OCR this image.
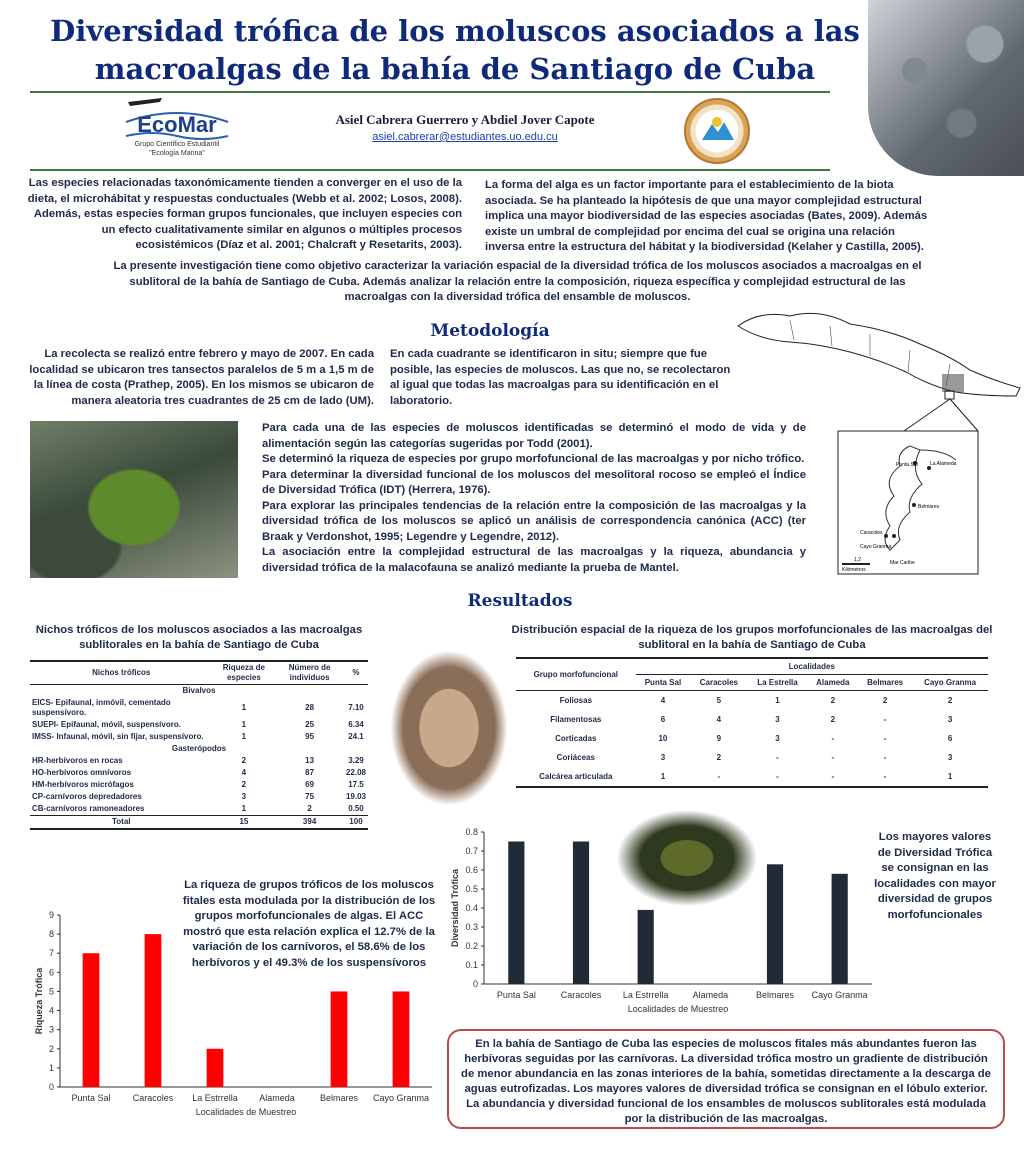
Diversidad trófica de los moluscos asociados a las
macroalgas de la bahía de Santiago de Cuba
EcoMar
Grupo Científico Estudiantil
"Ecología Marina"
Asiel Cabrera Guerrero y Abdiel Jover Capote
asiel.cabrerar@estudiantes.uo.edu.cu
Las especies relacionadas taxonómicamente tienden a converger en el uso de la dieta, el microhábitat y respuestas conductuales (Webb et al. 2002; Losos, 2008). Además, estas especies forman grupos funcionales, que incluyen especies con un efecto cualitativamente similar en algunos o múltiples procesos ecosistémicos (Díaz et al. 2001; Chalcraft y Resetarits, 2003).
La forma del alga es un factor importante para el establecimiento de la biota asociada. Se ha planteado la hipótesis de que una mayor complejidad estructural implica una mayor biodiversidad de las especies asociadas (Bates, 2009). Además existe un umbral de complejidad por encima del cual se origina una relación inversa entre la estructura del hábitat y la biodiversidad (Kelaher y Castilla, 2005).
La presente investigación tiene como objetivo caracterizar la variación espacial de la diversidad trófica de los moluscos asociados a macroalgas en el sublitoral de la bahía de Santiago de Cuba. Además analizar la relación entre la composición, riqueza específica y complejidad estructural de las macroalgas con la diversidad trófica del ensamble de moluscos.
Metodología
La recolecta se realizó entre febrero y mayo de 2007. En cada localidad se ubicaron tres tansectos paralelos de 5 m a 1,5 m de la línea de costa (Prathep, 2005). En los mismos se ubicaron de manera aleatoria tres cuadrantes de 25 cm de lado (UM).
En cada cuadrante se identificaron in situ; siempre que fue posible, las especies de moluscos. Las que no, se recolectaron al igual que todas las macroalgas para su identificación en el laboratorio.
Punta Sal La Alameda
Belmares
Caracoles
Cayo Granma
Mar Caribe
Kilómetros
1,2
Para cada una de las especies de moluscos identificadas se determinó el modo de vida y de alimentación según las categorías sugeridas por Todd (2001).
Se determinó la riqueza de especies por grupo morfofuncional de las macroalgas y por nicho trófico.
Para determinar la diversidad funcional de los moluscos del mesolitoral rocoso se empleó el Índice de Diversidad Trófica (IDT) (Herrera, 1976).
Para explorar las principales tendencias de la relación entre la composición de las macroalgas y la diversidad trófica de los moluscos se aplicó un análisis de correspondencia canónica (ACC) (ter Braak y Verdonshot, 1995; Legendre y Legendre, 2012).
La asociación entre la complejidad estructural de las macroalgas y la riqueza, abundancia y diversidad trófica de la malacofauna se analizó mediante la prueba de Mantel.
Resultados
Nichos tróficos de los moluscos asociados a las macroalgas sublitorales en la bahía de Santiago de Cuba
Nichos tróficos	Riqueza de especies	Número de individuos	%
Bivalvos			
EICS- Epifaunal, inmóvil, cementado suspensívoro.	1	28	7.10
SUEPI- Epifaunal, móvil, suspensívoro.	1	25	6.34
IMSS- Infaunal, móvil, sin fijar, suspensívoro.	1	95	24.1
Gasterópodos			
HR-herbívoros en rocas	2	13	3.29
HO-herbívoros omnívoros	4	87	22.08
HM-herbívoros micrófagos	2	69	17.5
CP-carnívoros depredadores	3	75	19.03
CB-carnívoros ramoneadores	1	2	0.50
Total	15	394	100
Distribución espacial de la riqueza de los grupos morfofuncionales de las macroalgas del sublitoral en la bahía de Santiago de Cuba
Grupo morfofuncional	Localidades					
	Punta Sal	Caracoles	La Estrella	Alameda	Belmares	Cayo Granma
Foliosas	4	5	1	2	2	2
Filamentosas	6	4	3	2	-	3
Corticadas	10	9	3	-	-	6
Coriáceas	3	2	-	-	-	3
Calcárea articulada	1	-	-	-	-	1
0
1
2
3
4
5
6
7
8
9
Punta Sal Caracoles La Estrrella Alameda	Belmares Cayo Granma
Localidades de Muestreo
Riqueza Trófica
La riqueza de grupos tróficos de los moluscos fitales esta modulada por la distribución de los grupos morfofuncionales de algas. El ACC mostró que esta relación explica el 12.7% de la variación de los carnívoros, el 58.6% de los herbívoros y el 49.3% de los suspensívoros
0
0.1
0.2
0.3
0.4
0.5
0.6
0.7
0.8
Punta Sal	Caracoles La Estrrella	Alameda	Belmares Cayo Granma
Localidades de Muestreo
Diversidad Trófica
Los mayores valores de Diversidad Trófica se consignan en las localidades con mayor diversidad de grupos morfofuncionales
En la bahía de Santiago de Cuba las especies de moluscos fitales más abundantes fueron las herbívoras seguidas por las carnívoras. La diversidad trófica mostro un gradiente de distribución de menor abundancia en las zonas interiores de la bahía, sometidas directamente a la descarga de aguas eutrofizadas. Los mayores valores de diversidad trófica se consignan en el lóbulo exterior. La abundancia y diversidad funcional de los ensambles de moluscos sublitorales está modulada por la distribución de las macroalgas.
